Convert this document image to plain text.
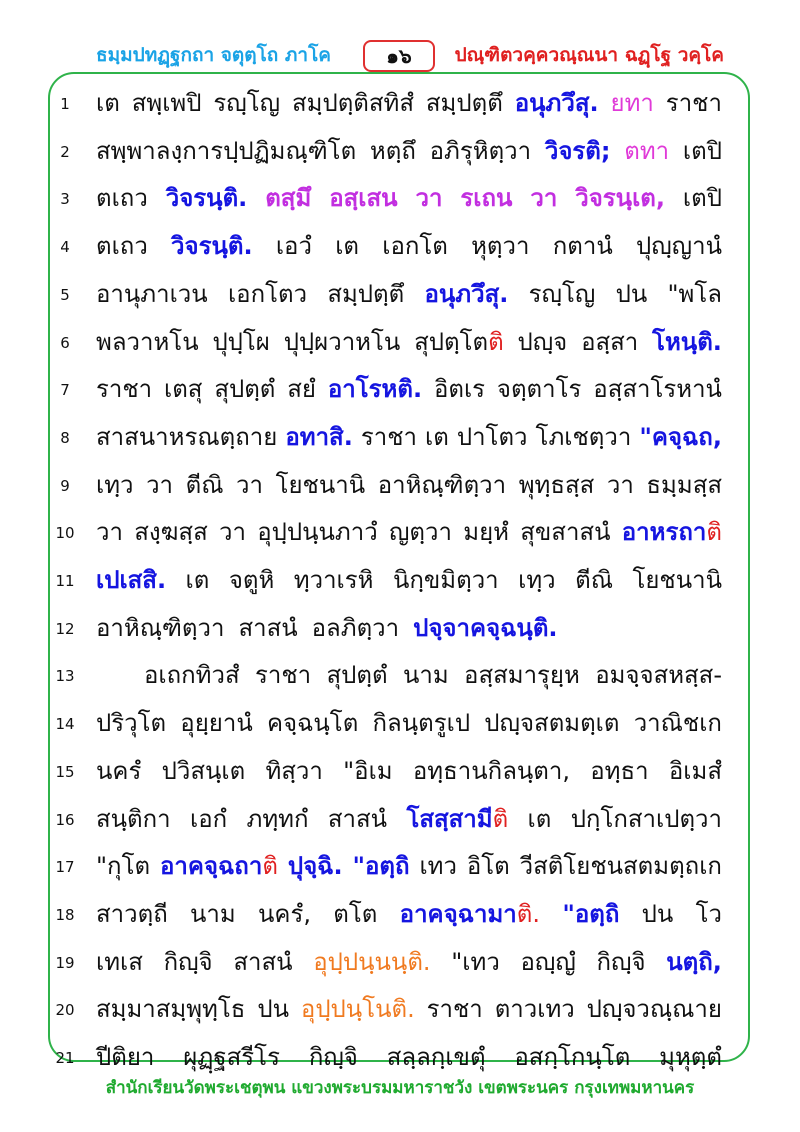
ธมฺมปทฏฺฐกถา จตุตฺโถ ภาโค	๑๖ ปณฺฑิตวคฺควณฺณนา ฉฏฺโฐ วคฺโค
1	เต สพฺเพปิ รญฺโญ สมฺปตฺติสทิสํ สมฺปตฺตึ อนุภวึสุ. ยทา ราชา
2	สพฺพาลงฺการปฺปฏิมณฺฑิโต หตฺถึ อภิรุหิตฺวา วิจรติ; ตทา เตปิ
3	ตเถว วิจรนฺติ. ตสฺมึ อสฺเสน วา รเถน วา วิจรนฺเต, เตปิ
4	ตเถว วิจรนฺติ. เอวํ เต เอกโต หุตฺวา กตานํ ปุญฺญานํ
5	อานุภาเวน เอกโตว สมฺปตฺตึ อนุภวึสุ. รญฺโญ ปน "พโล
6	พลวาหโน ปุปฺโผ ปุปฺผวาหโน สุปตฺโตติ ปญฺจ อสฺสา โหนฺติ.
7	ราชา เตสุ สุปตฺตํ สยํ อาโรหติ. อิตเร จตฺตาโร อสฺสาโรหานํ
8	สาสนาหรณตฺถาย อทาสิ. ราชา เต ปาโตว โภเชตฺวา "คจฺฉถ,
9	เทฺว วา ตีณิ วา โยชนานิ อาหิณฺฑิตฺวา พุทฺธสฺส วา ธมฺมสฺส
10 วา สงฺฆสฺส วา อุปฺปนฺนภาวํ ญตฺวา มยฺหํ สุขสาสนํ อาหรถาติ
11 เปเสสิ. เต จตูหิ ทฺวาเรหิ นิกฺขมิตฺวา เทฺว ตีณิ โยชนานิ
12 อาหิณฺฑิตฺวา สาสนํ อลภิตฺวา ปจฺจาคจฺฉนฺติ.
13	อเถกทิวสํ ราชา สุปตฺตํ นาม อสฺสมารุยฺห อมจฺจสหสฺส-
14 ปริวุโต อุยฺยานํ คจฺฉนฺโต กิลนฺตรูเป ปญฺจสตมตฺเต วาณิชเก
15 นครํ ปวิสนฺเต ทิสฺวา "อิเม อทฺธานกิลนฺตา, อทฺธา อิเมสํ
16 สนฺติกา เอกํ ภทฺทกํ สาสนํ โสสฺสามีติ เต ปกฺโกสาเปตฺวา
17 "กุโต อาคจฺฉถาติ ปุจฺฉิ. "อตฺถิ เทว อิโต วีสติโยชนสตมตฺถเก
18 สาวตฺถี นาม นครํ, ตโต อาคจฺฉามาติ. "อตฺถิ ปน โว
19 เทเส กิญฺจิ สาสนํ อุปฺปนฺนนฺติ. "เทว อญฺญํ กิญฺจิ นตฺถิ,
20 สมฺมาสมฺพุทฺโธ ปน อุปฺปนฺโนติ. ราชา ตาวเทว ปญฺจวณฺณาย
21 ปีติยา ผุฏฺฐสรีโร กิญฺจิ สลฺลกฺเขตุํ อสกฺโกนฺโต มุหุตฺตํ
สำนักเรียนวัดพระเชตุพน แขวงพระบรมมหาราชวัง เขตพระนคร กรุงเทพมหานคร
